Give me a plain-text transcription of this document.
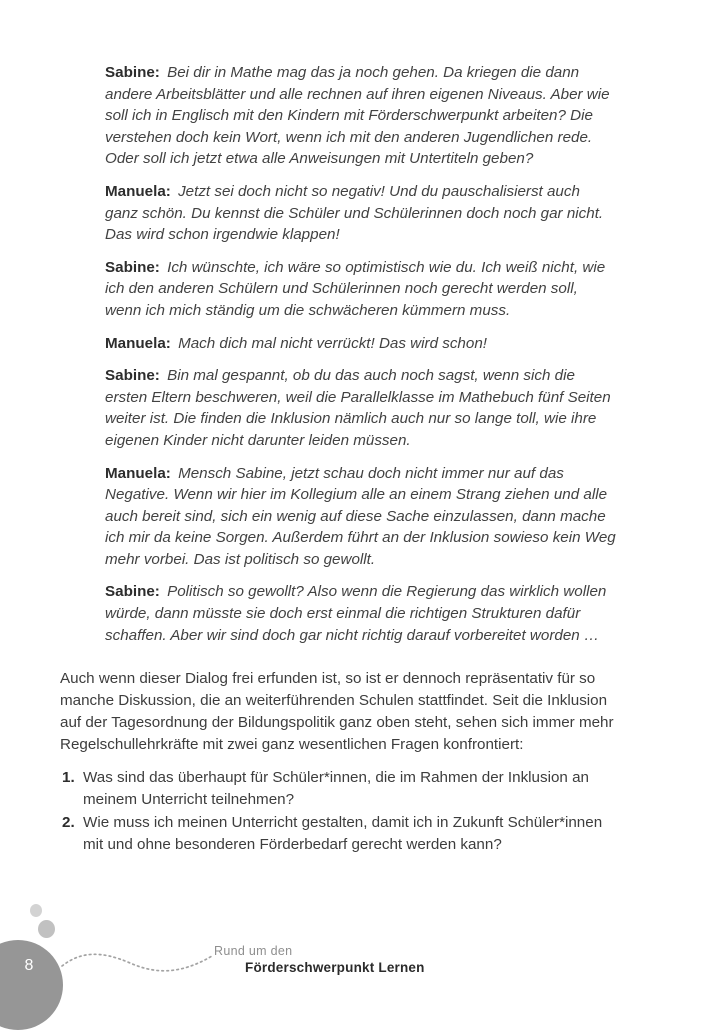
Sabine: Bei dir in Mathe mag das ja noch gehen. Da kriegen die dann andere Arbeitsblätter und alle rechnen auf ihren eigenen Niveaus. Aber wie soll ich in Englisch mit den Kindern mit Förderschwerpunkt arbeiten? Die verstehen doch kein Wort, wenn ich mit den anderen Jugendlichen rede. Oder soll ich jetzt etwa alle Anweisungen mit Untertiteln geben?

Manuela: Jetzt sei doch nicht so negativ! Und du pauschalisierst auch ganz schön. Du kennst die Schüler und Schülerinnen doch noch gar nicht. Das wird schon irgendwie klappen!

Sabine: Ich wünschte, ich wäre so optimistisch wie du. Ich weiß nicht, wie ich den anderen Schülern und Schülerinnen noch gerecht werden soll, wenn ich mich ständig um die schwächeren kümmern muss.

Manuela: Mach dich mal nicht verrückt! Das wird schon!

Sabine: Bin mal gespannt, ob du das auch noch sagst, wenn sich die ersten Eltern beschweren, weil die Parallelklasse im Mathebuch fünf Seiten weiter ist. Die finden die Inklusion nämlich auch nur so lange toll, wie ihre eigenen Kinder nicht darunter leiden müssen.

Manuela: Mensch Sabine, jetzt schau doch nicht immer nur auf das Negative. Wenn wir hier im Kollegium alle an einem Strang ziehen und alle auch bereit sind, sich ein wenig auf diese Sache einzulassen, dann mache ich mir da keine Sorgen. Außerdem führt an der Inklusion sowieso kein Weg mehr vorbei. Das ist politisch so gewollt.

Sabine: Politisch so gewollt? Also wenn die Regierung das wirklich wollen würde, dann müsste sie doch erst einmal die richtigen Strukturen dafür schaffen. Aber wir sind doch gar nicht richtig darauf vorbereitet worden …

Auch wenn dieser Dialog frei erfunden ist, so ist er dennoch repräsentativ für so manche Diskussion, die an weiterführenden Schulen stattfindet. Seit die Inklusion auf der Tagesordnung der Bildungspolitik ganz oben steht, sehen sich immer mehr Regelschullehrkräfte mit zwei ganz wesentlichen Fragen konfrontiert:

1. Was sind das überhaupt für Schüler*innen, die im Rahmen der Inklusion an meinem Unterricht teilnehmen?
2. Wie muss ich meinen Unterricht gestalten, damit ich in Zukunft Schüler*innen mit und ohne besonderen Förderbedarf gerecht werden kann?
8
Rund um den
Förderschwerpunkt Lernen
